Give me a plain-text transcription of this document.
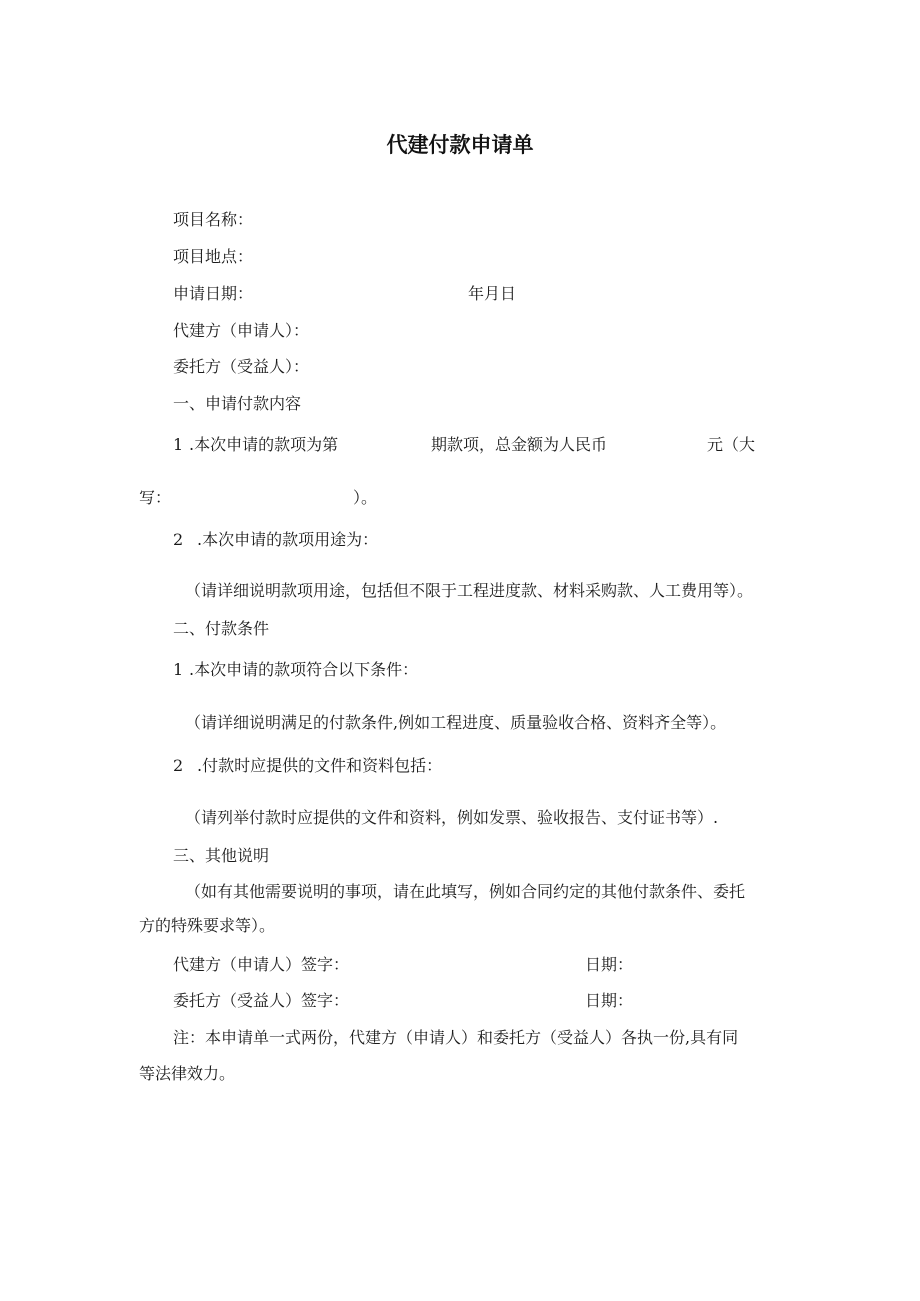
代建付款申请单
项目名称：
项目地点：
申请日期：	年月日
代建方（申请人）：
委托方（受益人）：
一、申请付款内容
1 .本次申请的款项为第	期款项，总金额为人民币	元（大
写：	）。
2 .本次申请的款项用途为：
（请详细说明款项用途，包括但不限于工程进度款、材料采购款、人工费用等）。
二、付款条件
1 .本次申请的款项符合以下条件：
（请详细说明满足的付款条件,例如工程进度、质量验收合格、资料齐全等）。
2 .付款时应提供的文件和资料包括：
（请列举付款时应提供的文件和资料，例如发票、验收报告、支付证书等）.
三、其他说明
（如有其他需要说明的事项，请在此填写，例如合同约定的其他付款条件、委托
方的特殊要求等）。
代建方（申请人）签字：	日期：
委托方（受益人）签字：	日期：
注：本申请单一式两份，代建方（申请人）和委托方（受益人）各执一份,具有同
等法律效力。
